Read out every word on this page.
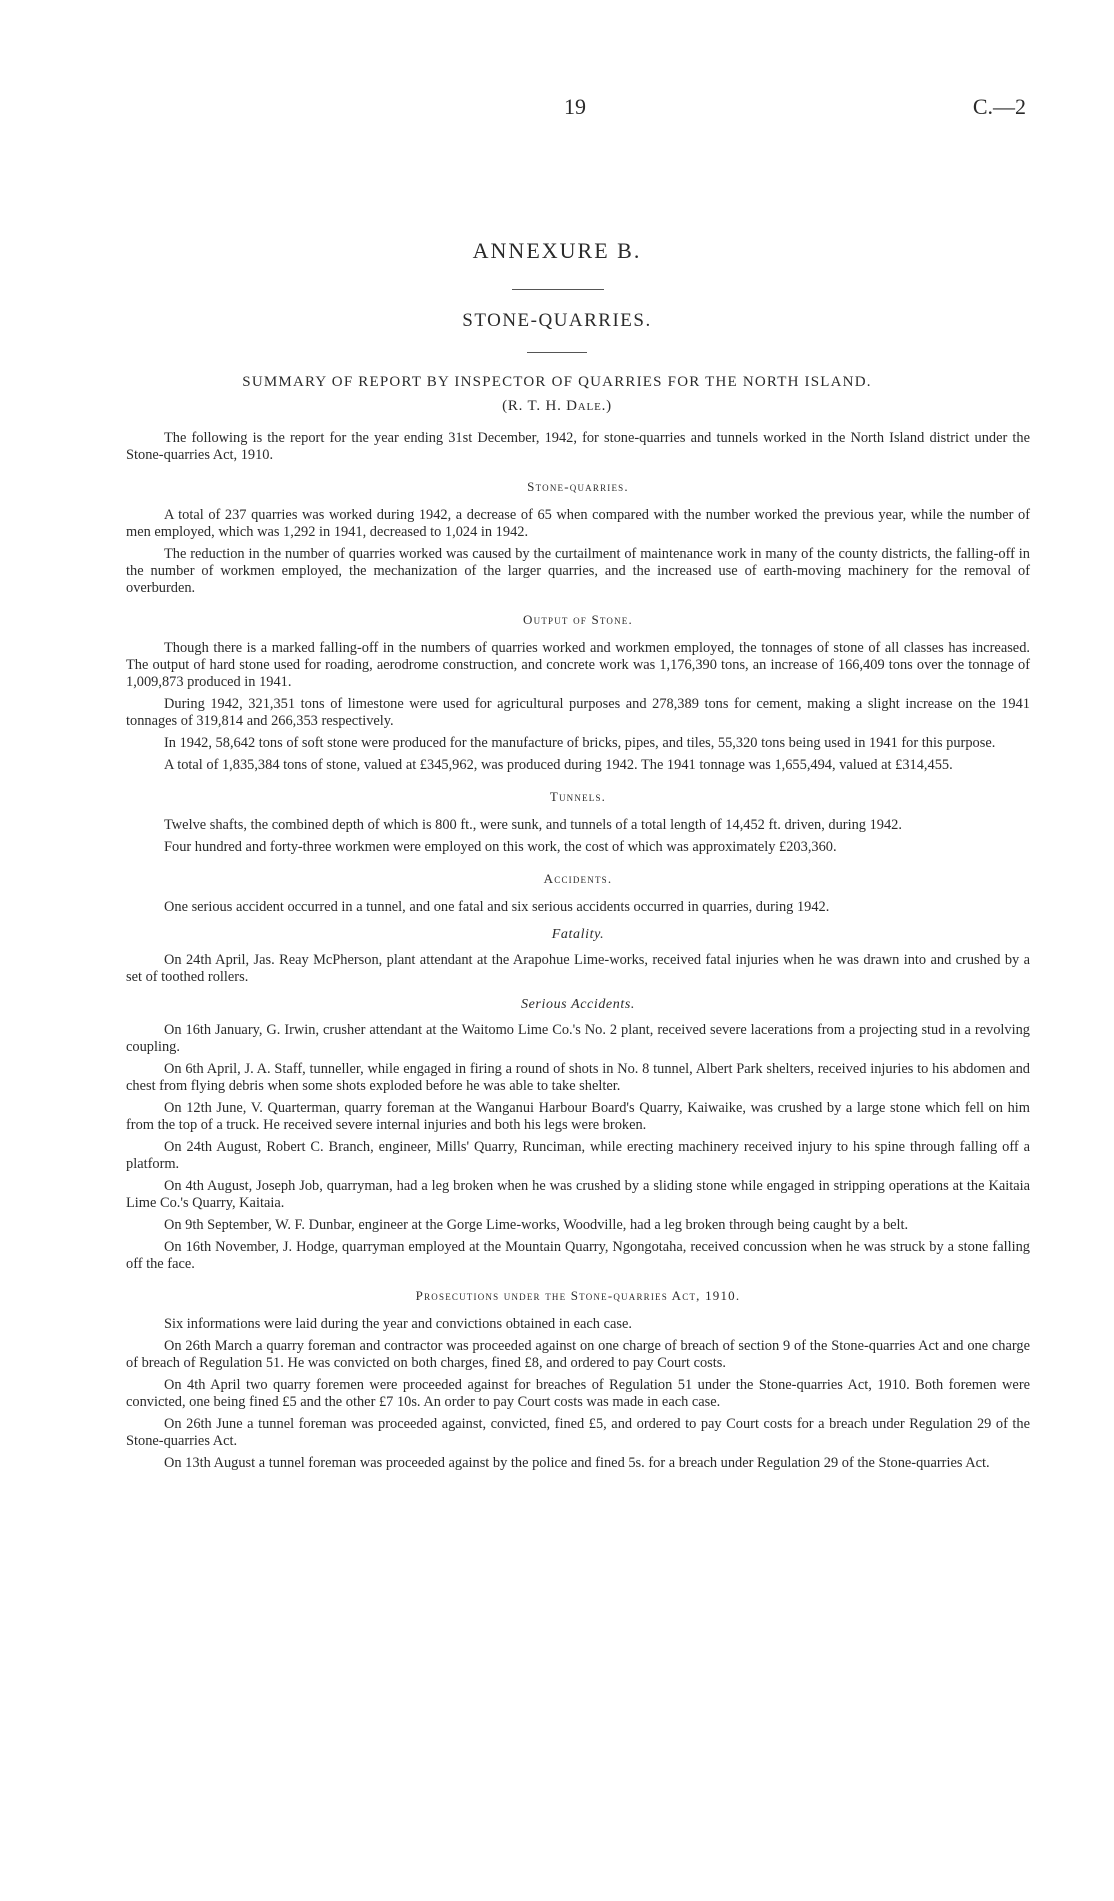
19	C.—2
ANNEXURE B.
STONE-QUARRIES.
SUMMARY OF REPORT BY INSPECTOR OF QUARRIES FOR THE NORTH ISLAND.
(R. T. H. Dale.)

The following is the report for the year ending 31st December, 1942, for stone-quarries and tunnels worked in the North Island district under the Stone-quarries Act, 1910.

Stone-quarries.

A total of 237 quarries was worked during 1942, a decrease of 65 when compared with the number worked the previous year, while the number of men employed, which was 1,292 in 1941, decreased to 1,024 in 1942.

The reduction in the number of quarries worked was caused by the curtailment of maintenance work in many of the county districts, the falling-off in the number of workmen employed, the mechanization of the larger quarries, and the increased use of earth-moving machinery for the removal of overburden.

Output of Stone.

Though there is a marked falling-off in the numbers of quarries worked and workmen employed, the tonnages of stone of all classes has increased. The output of hard stone used for roading, aerodrome construction, and concrete work was 1,176,390 tons, an increase of 166,409 tons over the tonnage of 1,009,873 produced in 1941.

During 1942, 321,351 tons of limestone were used for agricultural purposes and 278,389 tons for cement, making a slight increase on the 1941 tonnages of 319,814 and 266,353 respectively.

In 1942, 58,642 tons of soft stone were produced for the manufacture of bricks, pipes, and tiles, 55,320 tons being used in 1941 for this purpose.

A total of 1,835,384 tons of stone, valued at £345,962, was produced during 1942. The 1941 tonnage was 1,655,494, valued at £314,455.

Tunnels.

Twelve shafts, the combined depth of which is 800 ft., were sunk, and tunnels of a total length of 14,452 ft. driven, during 1942.

Four hundred and forty-three workmen were employed on this work, the cost of which was approximately £203,360.

Accidents.

One serious accident occurred in a tunnel, and one fatal and six serious accidents occurred in quarries, during 1942.

Fatality.

On 24th April, Jas. Reay McPherson, plant attendant at the Arapohue Lime-works, received fatal injuries when he was drawn into and crushed by a set of toothed rollers.

Serious Accidents.

On 16th January, G. Irwin, crusher attendant at the Waitomo Lime Co.'s No. 2 plant, received severe lacerations from a projecting stud in a revolving coupling.

On 6th April, J. A. Staff, tunneller, while engaged in firing a round of shots in No. 8 tunnel, Albert Park shelters, received injuries to his abdomen and chest from flying debris when some shots exploded before he was able to take shelter.

On 12th June, V. Quarterman, quarry foreman at the Wanganui Harbour Board's Quarry, Kaiwaike, was crushed by a large stone which fell on him from the top of a truck. He received severe internal injuries and both his legs were broken.

On 24th August, Robert C. Branch, engineer, Mills' Quarry, Runciman, while erecting machinery received injury to his spine through falling off a platform.

On 4th August, Joseph Job, quarryman, had a leg broken when he was crushed by a sliding stone while engaged in stripping operations at the Kaitaia Lime Co.'s Quarry, Kaitaia.

On 9th September, W. F. Dunbar, engineer at the Gorge Lime-works, Woodville, had a leg broken through being caught by a belt.

On 16th November, J. Hodge, quarryman employed at the Mountain Quarry, Ngongotaha, received concussion when he was struck by a stone falling off the face.

Prosecutions under the Stone-quarries Act, 1910.

Six informations were laid during the year and convictions obtained in each case.

On 26th March a quarry foreman and contractor was proceeded against on one charge of breach of section 9 of the Stone-quarries Act and one charge of breach of Regulation 51. He was convicted on both charges, fined £8, and ordered to pay Court costs.

On 4th April two quarry foremen were proceeded against for breaches of Regulation 51 under the Stone-quarries Act, 1910. Both foremen were convicted, one being fined £5 and the other £7 10s. An order to pay Court costs was made in each case.

On 26th June a tunnel foreman was proceeded against, convicted, fined £5, and ordered to pay Court costs for a breach under Regulation 29 of the Stone-quarries Act.

On 13th August a tunnel foreman was proceeded against by the police and fined 5s. for a breach under Regulation 29 of the Stone-quarries Act.
